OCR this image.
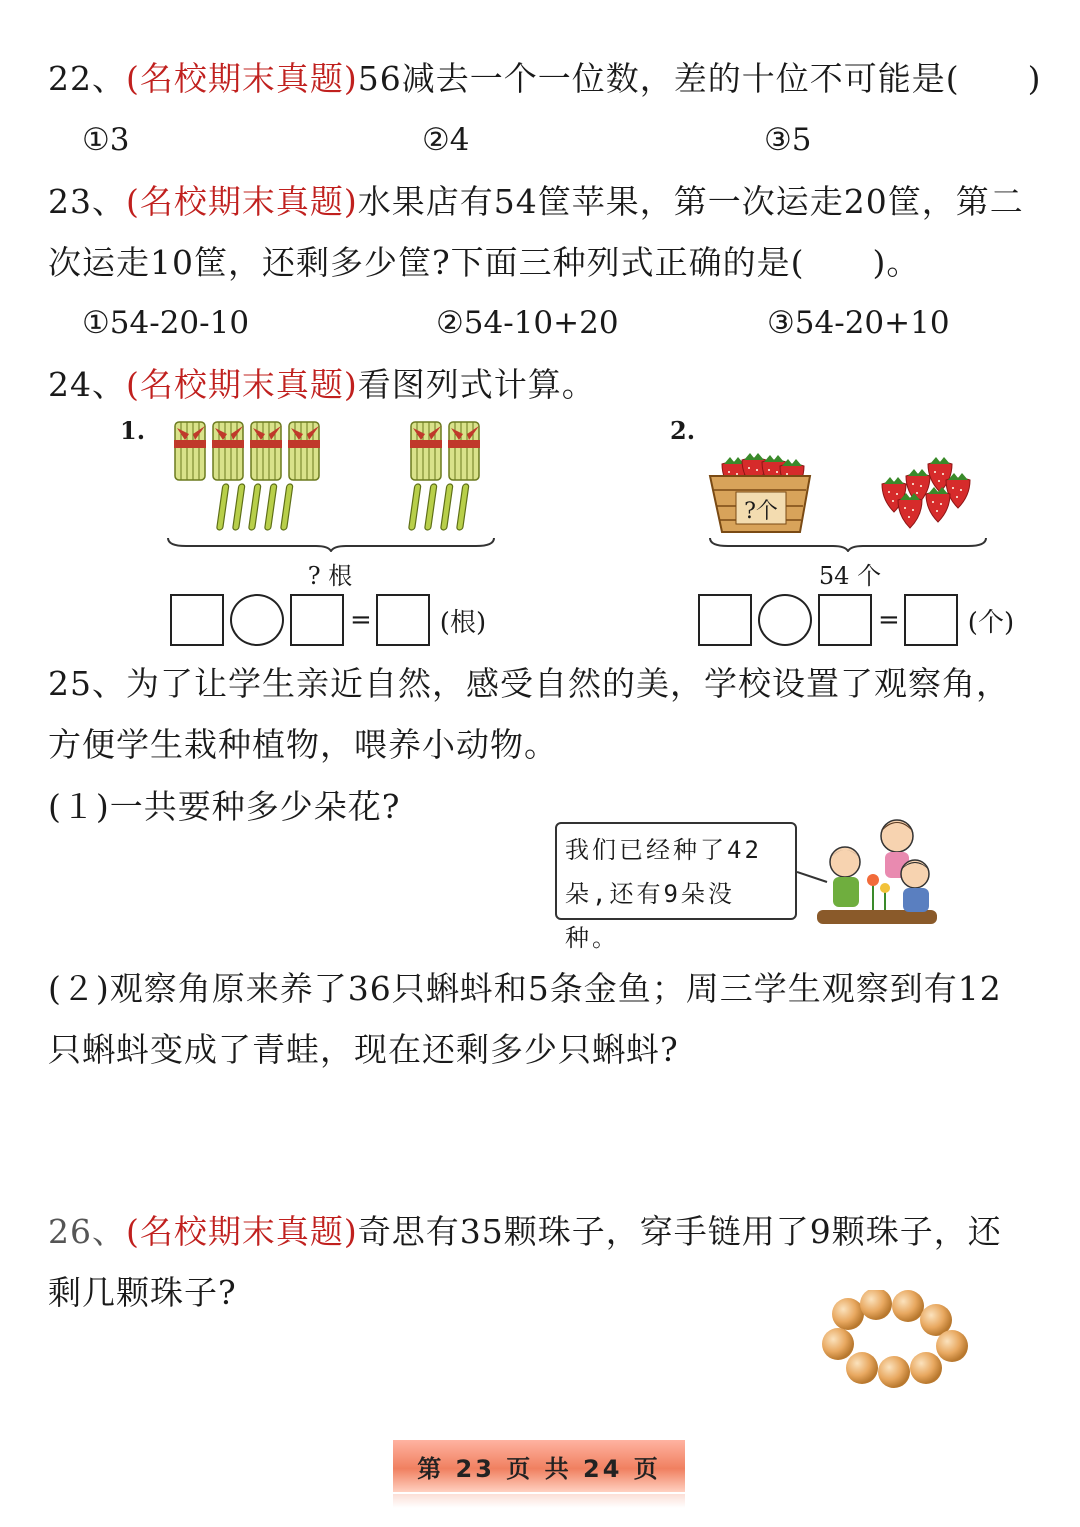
22、(名校期末真题)56减去一个一位数，差的十位不可能是(　　)
①3	②4	③5
23、(名校期末真题)水果店有54筐苹果，第一次运走20筐，第二
次运走10筐，还剩多少筐?下面三种列式正确的是(　　)。
①54-20-10	②54-10+20	③54-20+10
24、(名校期末真题)看图列式计算。
1.
? 根
=	(根)
2.
?个
54 个
=	(个)
25、为了让学生亲近自然，感受自然的美，学校设置了观察角，
方便学生栽种植物，喂养小动物。
(１)一共要种多少朵花?
我们已经种了42
朵,还有9朵没种。
(２)观察角原来养了36只蝌蚪和5条金鱼；周三学生观察到有12
只蝌蚪变成了青蛙，现在还剩多少只蝌蚪?
26、(名校期末真题)奇思有35颗珠子，穿手链用了9颗珠子，还
剩几颗珠子?
第 23 页 共 24 页
